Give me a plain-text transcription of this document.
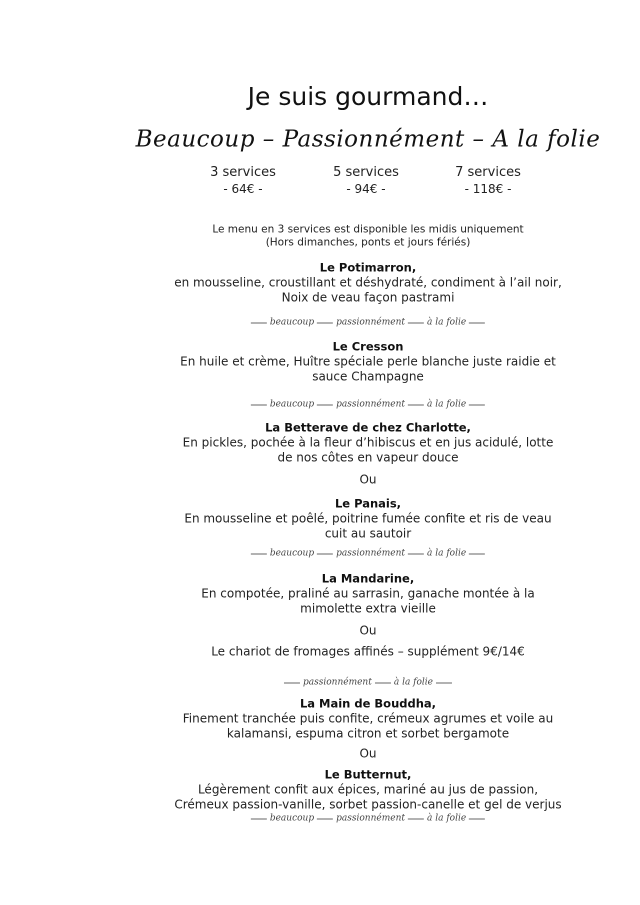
Je suis gourmand…
Beaucoup – Passionnément – A la folie
3 services
- 64€ -
5 services
- 94€ -
7 services
- 118€ -
Le menu en 3 services est disponible les midis uniquement
(Hors dimanches, ponts et jours fériés)
Le Potimarron,
en mousseline, croustillant et déshydraté, condiment à l’ail noir,
Noix de veau façon pastrami
beaucoup passionnément à la folie
Le Cresson
En huile et crème, Huître spéciale perle blanche juste raidie et
sauce Champagne
beaucoup passionnément à la folie
La Betterave de chez Charlotte,
En pickles, pochée à la fleur d’hibiscus et en jus acidulé, lotte
de nos côtes en vapeur douce
Ou
Le Panais,
En mousseline et poêlé, poitrine fumée confite et ris de veau
cuit au sautoir
beaucoup passionnément à la folie
La Mandarine,
En compotée, praliné au sarrasin, ganache montée à la
mimolette extra vieille
Ou
Le chariot de fromages affinés – supplément 9€/14€
passionnément à la folie
La Main de Bouddha,
Finement tranchée puis confite, crémeux agrumes et voile au
kalamansi, espuma citron et sorbet bergamote
Ou
Le Butternut,
Légèrement confit aux épices, mariné au jus de passion,
Crémeux passion-vanille, sorbet passion-canelle et gel de verjus
beaucoup passionnément à la folie
